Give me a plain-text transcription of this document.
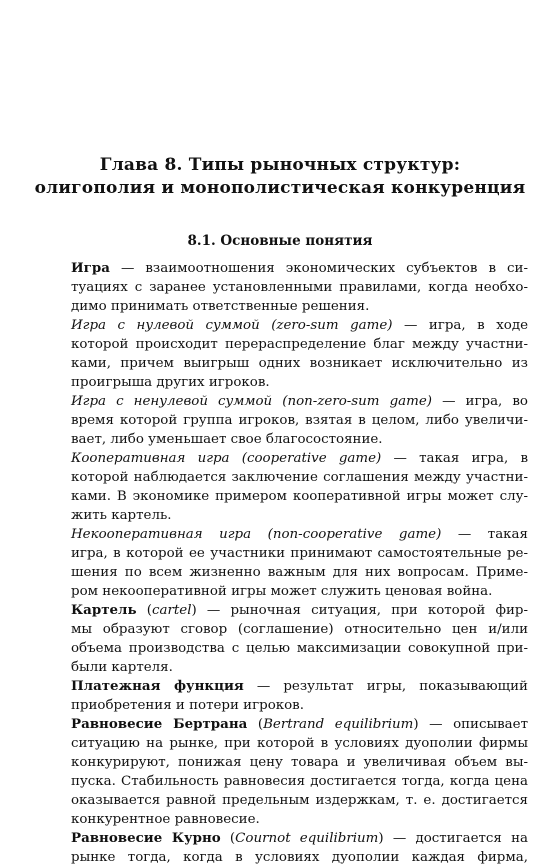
Глава 8. Типы рыночных структур:
олигополия и монополистическая конкуренция
8.1. Основные понятия

Игра — взаимоотношения экономических субъектов в си-
туациях с заранее установленными правилами, когда необхо-
димо принимать ответственные решения.

Игра с нулевой суммой (zero-sum game) — игра, в ходе
которой происходит перераспределение благ между участни-
ками, причем выигрыш одних возникает исключительно из
проигрыша других игроков.

Игра с ненулевой суммой (non-zero-sum game) — игра, во
время которой группа игроков, взятая в целом, либо увеличи-
вает, либо уменьшает свое благосостояние.

Кооперативная игра (cooperative game) — такая игра, в
которой наблюдается заключение соглашения между участни-
ками. В экономике примером кооперативной игры может слу-
жить картель.

Некооперативная игра (non-cooperative game) — такая
игра, в которой ее участники принимают самостоятельные ре-
шения по всем жизненно важным для них вопросам. Приме-
ром некооперативной игры может служить ценовая война.

Картель (cartel) — рыночная ситуация, при которой фир-
мы образуют сговор (соглашение) относительно цен и/или
объема производства с целью максимизации совокупной при-
были картеля.

Платежная функция — результат игры, показывающий
приобретения и потери игроков.

Равновесие Бертрана (Bertrand equilibrium) — описывает
ситуацию на рынке, при которой в условиях дуополии фирмы
конкурируют, понижая цену товара и увеличивая объем вы-
пуска. Стабильность равновесия достигается тогда, когда цена
оказывается равной предельным издержкам, т. е. достигается
конкурентное равновесие.

Равновесие Курно (Cournot equilibrium) — достигается на
рынке тогда, когда в условиях дуополии каждая фирма,
